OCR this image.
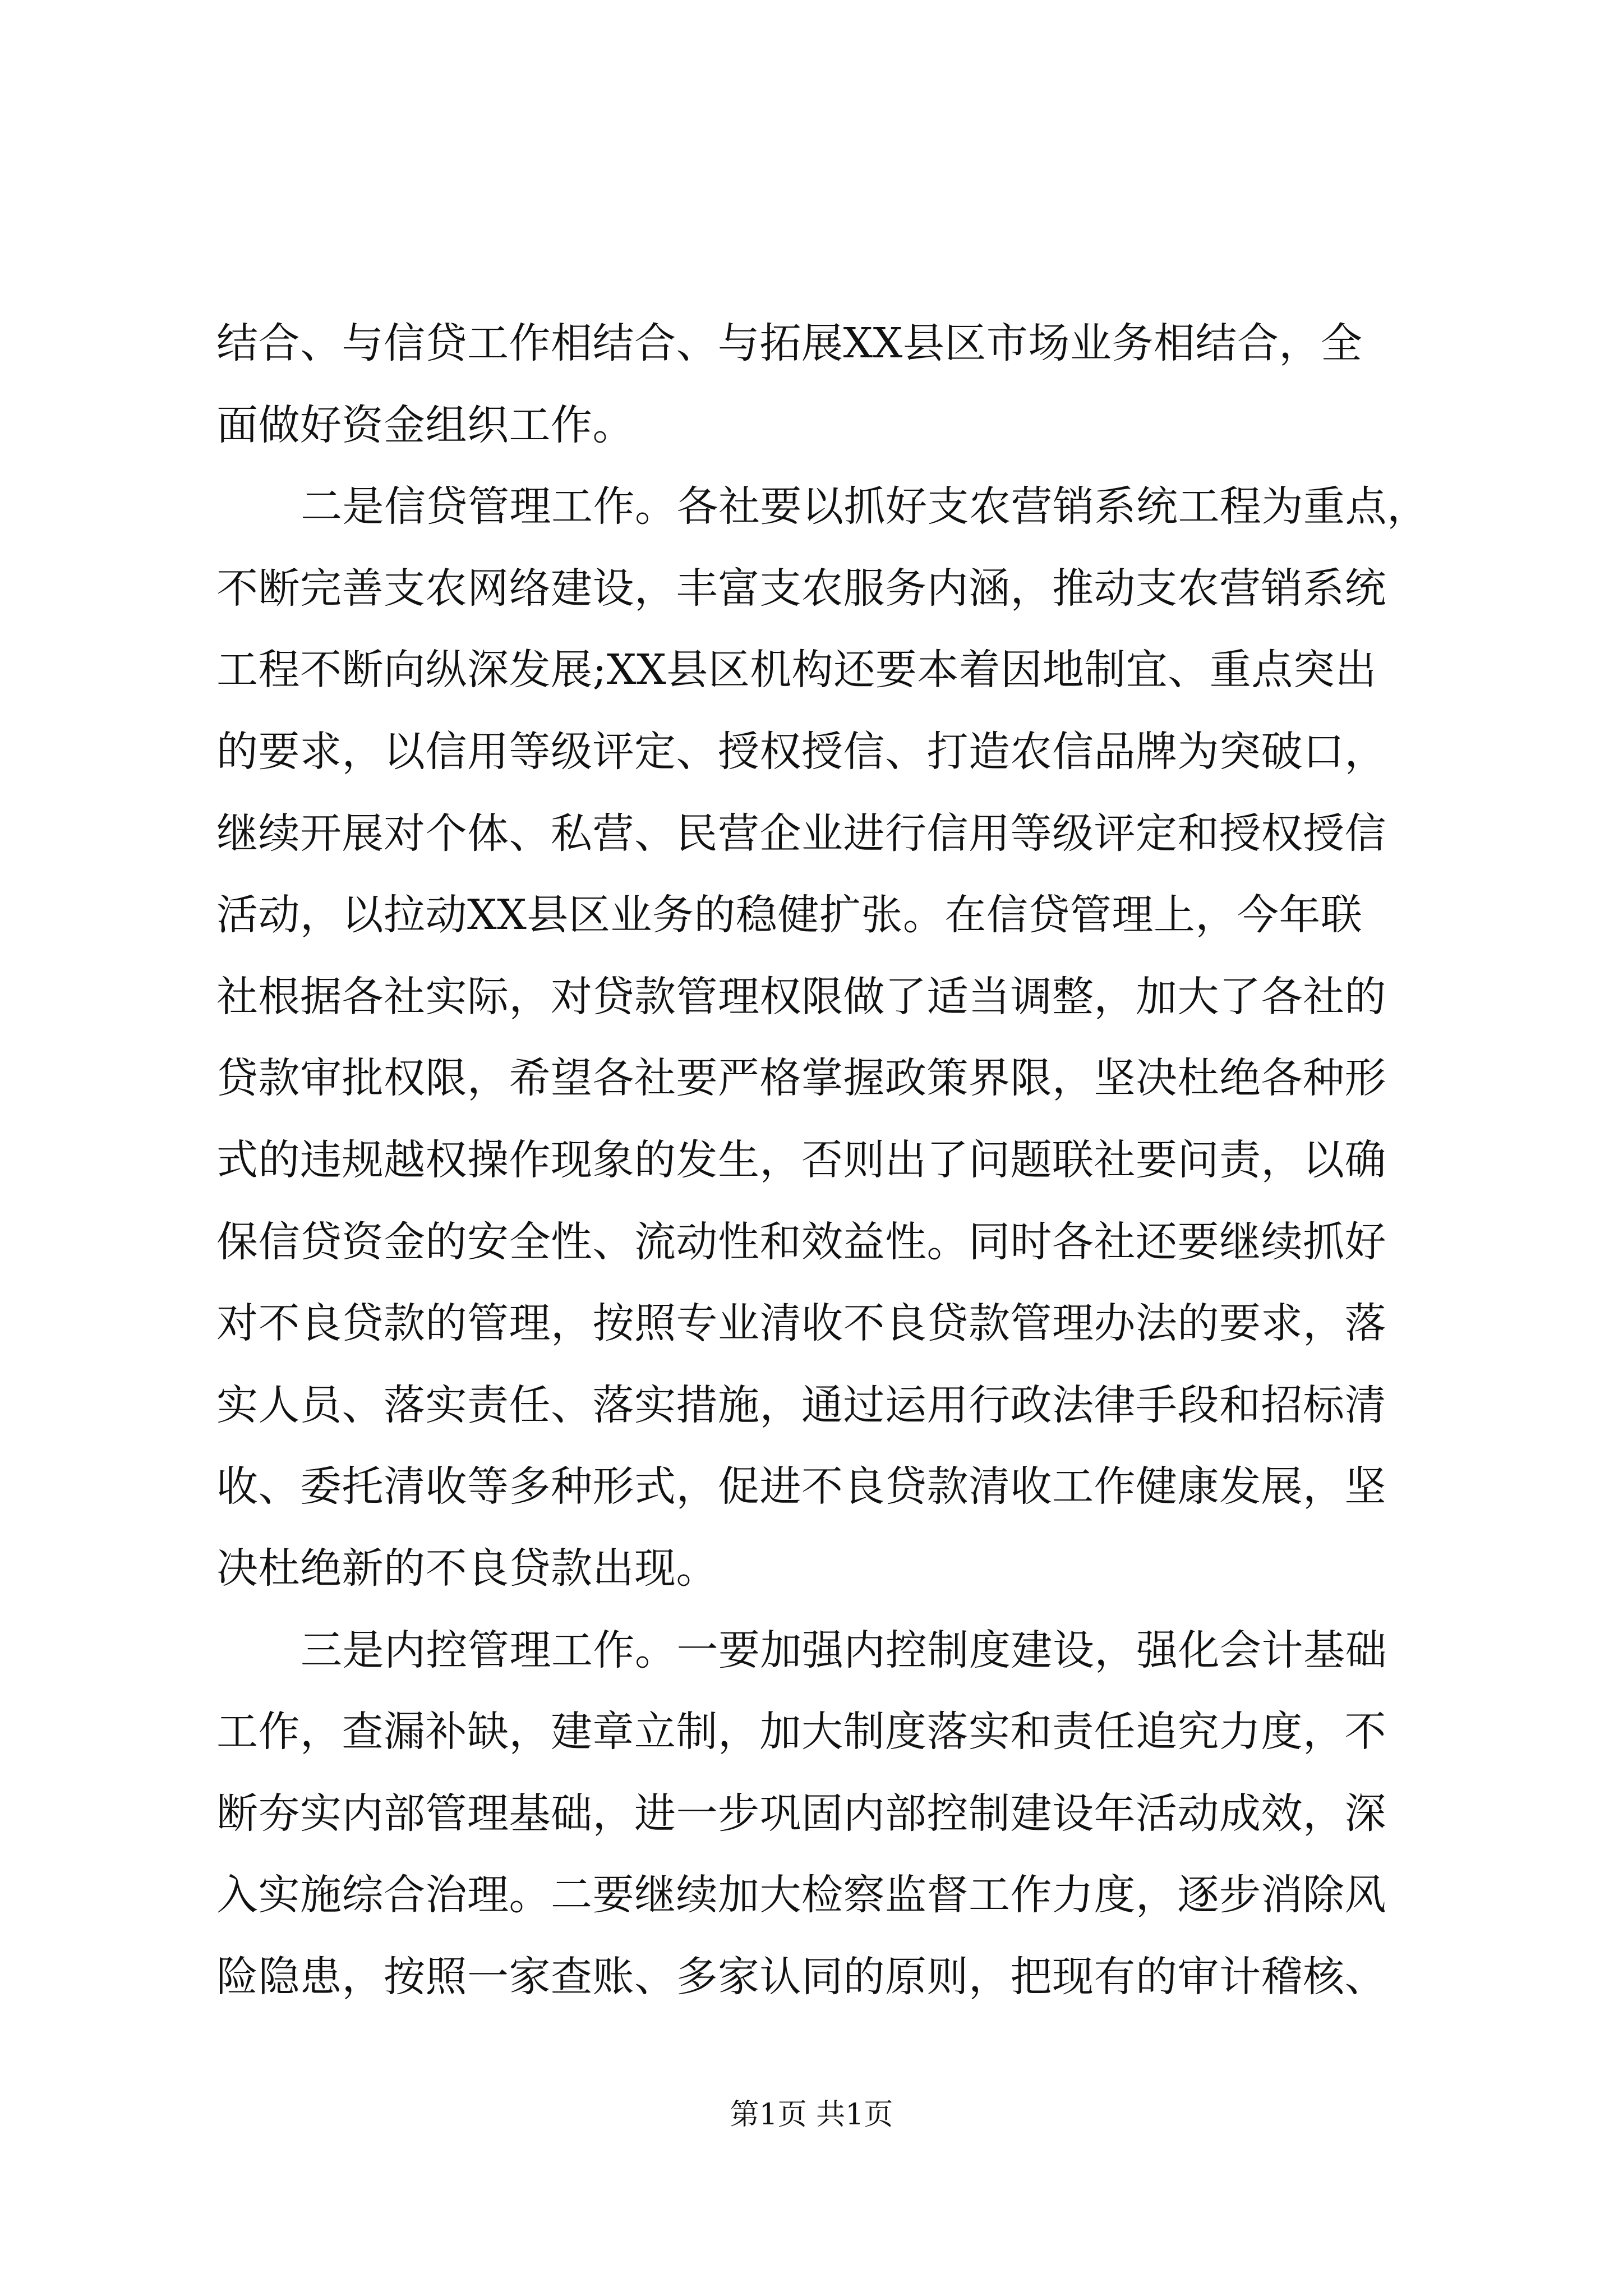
结合、与信贷工作相结合、与拓展XX县区市场业务相结合，全
面做好资金组织工作。
二是信贷管理工作。各社要以抓好支农营销系统工程为重点，
不断完善支农网络建设，丰富支农服务内涵，推动支农营销系统
工程不断向纵深发展;XX县区机构还要本着因地制宜、重点突出
的要求，以信用等级评定、授权授信、打造农信品牌为突破口，
继续开展对个体、私营、民营企业进行信用等级评定和授权授信
活动，以拉动XX县区业务的稳健扩张。在信贷管理上，今年联
社根据各社实际，对贷款管理权限做了适当调整，加大了各社的
贷款审批权限，希望各社要严格掌握政策界限，坚决杜绝各种形
式的违规越权操作现象的发生，否则出了问题联社要问责，以确
保信贷资金的安全性、流动性和效益性。同时各社还要继续抓好
对不良贷款的管理，按照专业清收不良贷款管理办法的要求，落
实人员、落实责任、落实措施，通过运用行政法律手段和招标清
收、委托清收等多种形式，促进不良贷款清收工作健康发展，坚
决杜绝新的不良贷款出现。
三是内控管理工作。一要加强内控制度建设，强化会计基础
工作，查漏补缺，建章立制，加大制度落实和责任追究力度，不
断夯实内部管理基础，进一步巩固内部控制建设年活动成效，深
入实施综合治理。二要继续加大检察监督工作力度，逐步消除风
险隐患，按照一家查账、多家认同的原则，把现有的审计稽核、
第1页 共1页
